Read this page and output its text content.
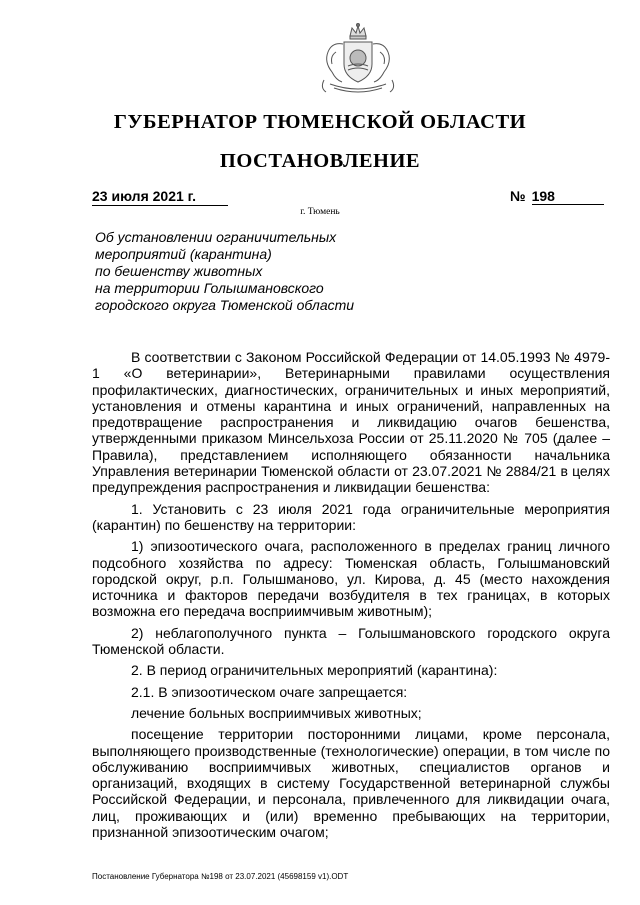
ГУБЕРНАТОР ТЮМЕНСКОЙ ОБЛАСТИ
ПОСТАНОВЛЕНИЕ
23 июля 2021 г.	№ 198
г. Тюмень
Об установлении ограничительных
мероприятий (карантина)
по бешенству животных
на территории Голышмановского
городского округа Тюменской области

В соответствии с Законом Российской Федерации от 14.05.1993 № 4979-1 «О ветеринарии», Ветеринарными правилами осуществления профилактических, диагностических, ограничительных и иных мероприятий, установления и отмены карантина и иных ограничений, направленных на предотвращение распространения и ликвидацию очагов бешенства, утвержденными приказом Минсельхоза России от 25.11.2020 № 705 (далее – Правила), представлением исполняющего обязанности начальника Управления ветеринарии Тюменской области от 23.07.2021 № 2884/21 в целях предупреждения распространения и ликвидации бешенства:

1. Установить с 23 июля 2021 года ограничительные мероприятия (карантин) по бешенству на территории:

1) эпизоотического очага, расположенного в пределах границ личного подсобного хозяйства по адресу: Тюменская область, Голышмановский городской округ, р.п. Голышманово, ул. Кирова, д. 45 (место нахождения источника и факторов передачи возбудителя в тех границах, в которых возможна его передача восприимчивым животным);

2) неблагополучного пункта – Голышмановского городского округа Тюменской области.

2. В период ограничительных мероприятий (карантина):

2.1. В эпизоотическом очаге запрещается:

лечение больных восприимчивых животных;

посещение территории посторонними лицами, кроме персонала, выполняющего производственные (технологические) операции, в том числе по обслуживанию восприимчивых животных, специалистов органов и организаций, входящих в систему Государственной ветеринарной службы Российской Федерации, и персонала, привлеченного для ликвидации очага, лиц, проживающих и (или) временно пребывающих на территории, признанной эпизоотическим очагом;

Постановление Губернатора №198 от 23.07.2021 (45698159 v1).ODT
